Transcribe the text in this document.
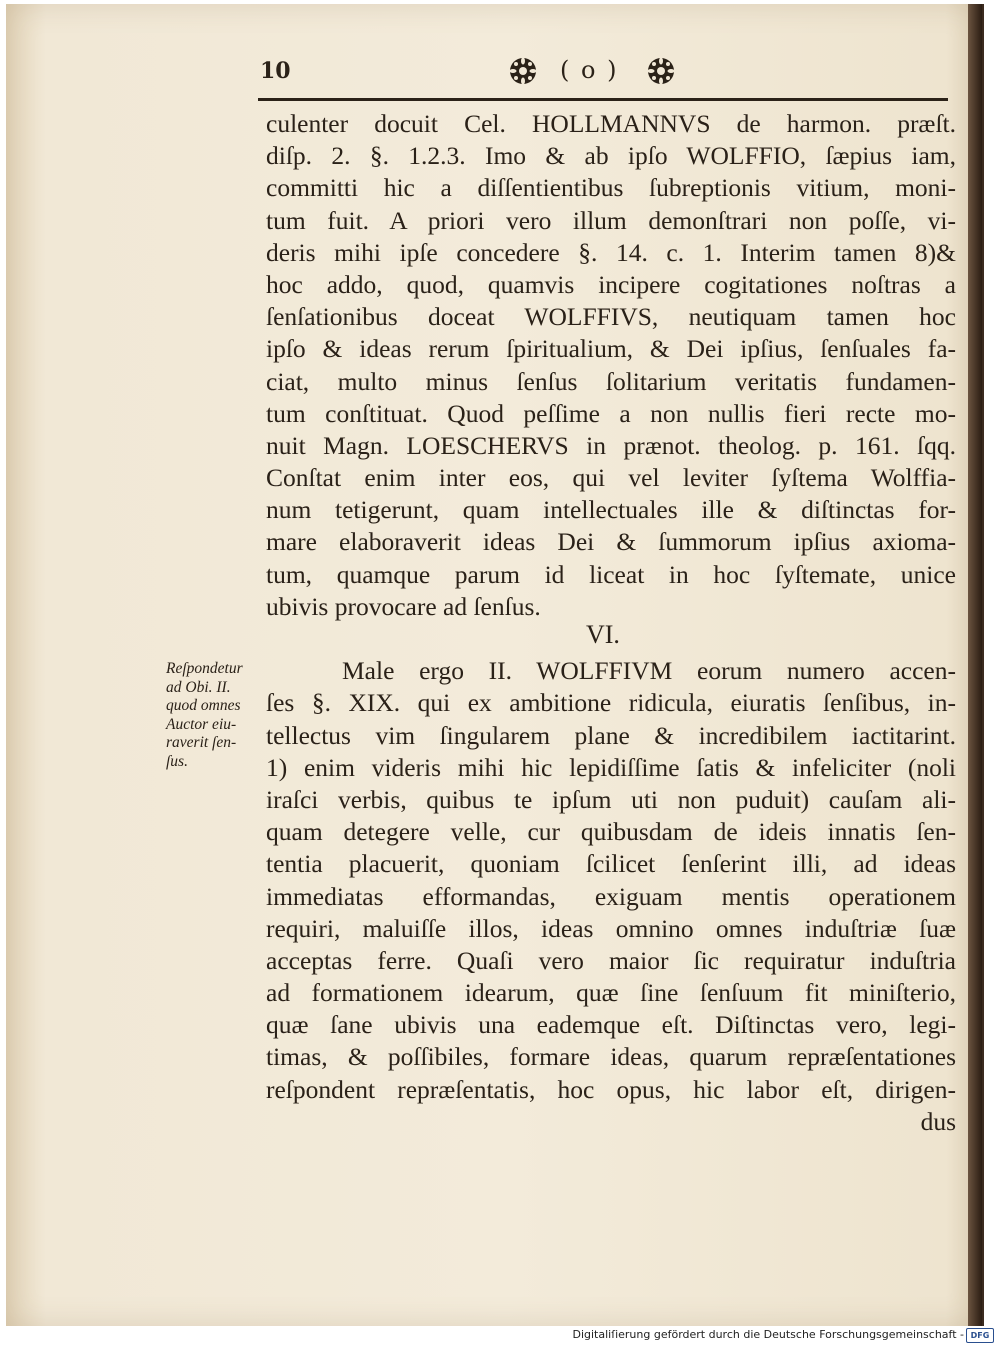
10	( o )
culenter docuit Cel. HOLLMANNVS de harmon. præſt.
diſp. 2. §. 1.2.3. Imo & ab ipſo WOLFFIO, ſæpius iam,
committi hic a diſſentientibus ſubreptionis vitium, moni-
tum fuit. A priori vero illum demonſtrari non poſſe, vi-
deris mihi ipſe concedere §. 14. c. 1. Interim tamen 8)&
hoc addo, quod, quamvis incipere cogitationes noſtras a
ſenſationibus doceat WOLFFIVS, neutiquam tamen hoc
ipſo & ideas rerum ſpiritualium, & Dei ipſius, ſenſuales fa-
ciat, multo minus ſenſus ſolitarium veritatis fundamen-
tum conſtituat. Quod peſſime a non nullis fieri recte mo-
nuit Magn. LOESCHERVS in prænot. theolog. p. 161. ſqq.
Conſtat enim inter eos, qui vel leviter ſyſtema Wolffia-
num tetigerunt, quam intellectuales ille & diſtinctas for-
mare elaboraverit ideas Dei & ſummorum ipſius axioma-
tum, quamque parum id liceat in hoc ſyſtemate, unice
ubivis provocare ad ſenſus.
Male ergo II. WOLFFIVM eorum numero accen-
ſes §. XIX. qui ex ambitione ridicula, eiuratis ſenſibus, in-
tellectus vim ſingularem plane & incredibilem iactitarint.
1) enim videris mihi hic lepidiſſime ſatis & infeliciter (noli
iraſci verbis, quibus te ipſum uti non puduit) cauſam ali-
quam detegere velle, cur quibusdam de ideis innatis ſen-
tentia placuerit, quoniam ſcilicet ſenſerint illi, ad ideas
immediatas efformandas, exiguam mentis operationem
requiri, maluiſſe illos, ideas omnino omnes induſtriæ ſuæ
acceptas ferre. Quaſi vero maior ſic requiratur induſtria
ad formationem idearum, quæ ſine ſenſuum fit miniſterio,
quæ ſane ubivis una eademque eſt. Diſtinctas vero, legi-
timas, & poſſibiles, formare ideas, quarum repræſentationes
reſpondent repræſentatis, hoc opus, hic labor eſt, dirigen-
dus
VI.
Reſpondetur
ad Obi. II.
quod omnes
Auctor eiu-
raverit ſen-
ſus.
Digitaliſierung gefördert durch die Deutsche Forschungsgemeinschaft - DFG
